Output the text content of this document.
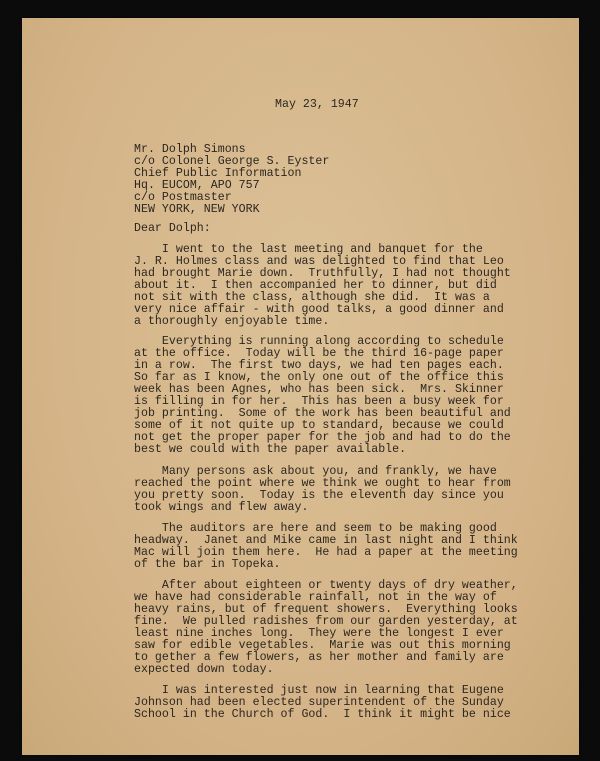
May 23, 1947

Mr. Dolph Simons

c/o Colonel George S. Eyster

Chief Public Information

Hq. EUCOM, APO 757

c/o Postmaster

NEW YORK, NEW YORK

Dear Dolph:

I went to the last meeting and banquet for the

J. R. Holmes class and was delighted to find that Leo

had brought Marie down.  Truthfully, I had not thought

about it.  I then accompanied her to dinner, but did

not sit with the class, although she did.  It was a

very nice affair - with good talks, a good dinner and

a thoroughly enjoyable time.

Everything is running along according to schedule

at the office.  Today will be the third 16-page paper

in a row.  The first two days, we had ten pages each.

So far as I know, the only one out of the office this

week has been Agnes, who has been sick.  Mrs. Skinner

is filling in for her.  This has been a busy week for

job printing.  Some of the work has been beautiful and

some of it not quite up to standard, because we could

not get the proper paper for the job and had to do the

best we could with the paper available.

Many persons ask about you, and frankly, we have

reached the point where we think we ought to hear from

you pretty soon.  Today is the eleventh day since you

took wings and flew away.

The auditors are here and seem to be making good

headway.  Janet and Mike came in last night and I think

Mac will join them here.  He had a paper at the meeting

of the bar in Topeka.

After about eighteen or twenty days of dry weather,

we have had considerable rainfall, not in the way of

heavy rains, but of frequent showers.  Everything looks

fine.  We pulled radishes from our garden yesterday, at

least nine inches long.  They were the longest I ever

saw for edible vegetables.  Marie was out this morning

to gether a few flowers, as her mother and family are

expected down today.

I was interested just now in learning that Eugene

Johnson had been elected superintendent of the Sunday

School in the Church of God.  I think it might be nice
